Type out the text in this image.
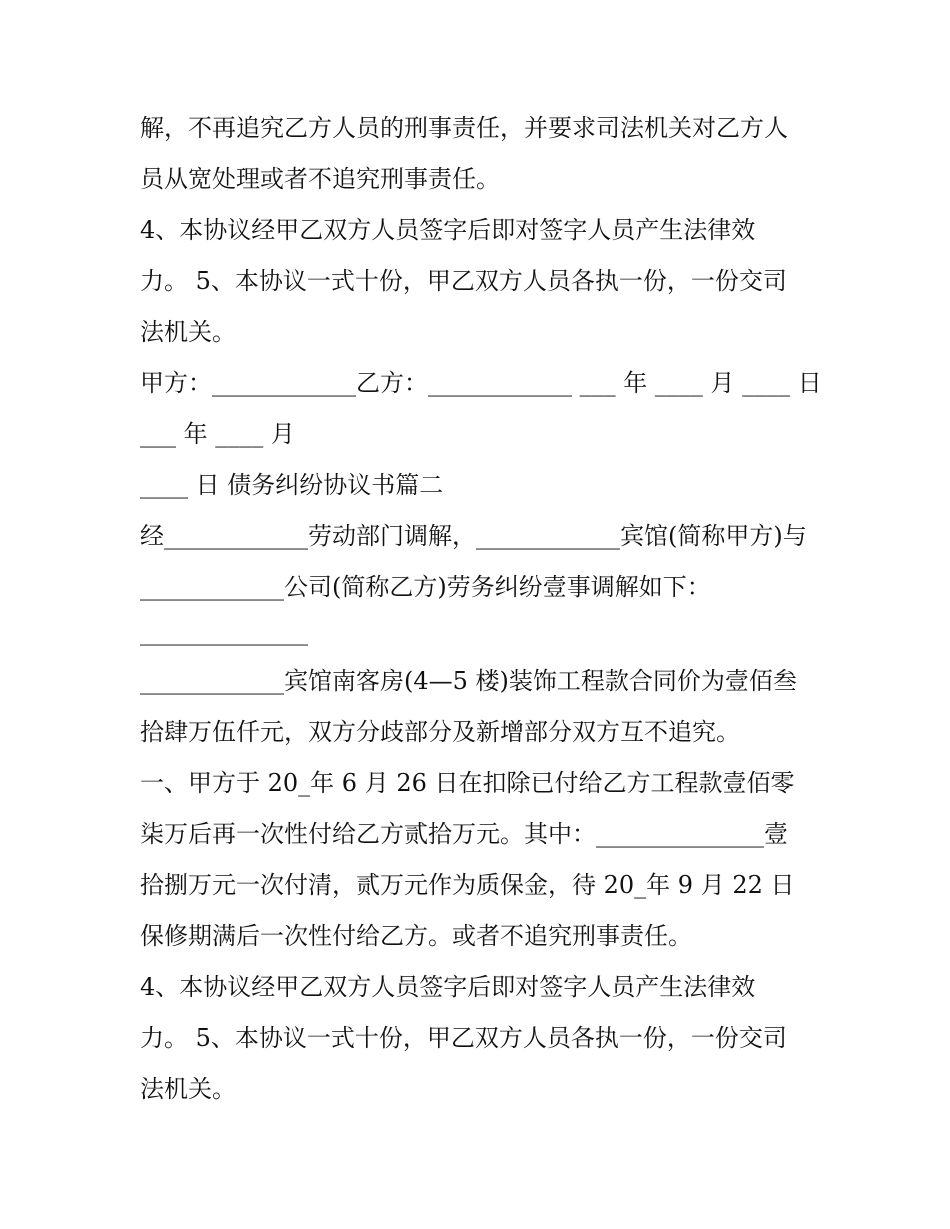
解，不再追究乙方人员的刑事责任，并要求司法机关对乙方人
员从宽处理或者不追究刑事责任。
4、本协议经甲乙双方人员签字后即对签字人员产生法律效
力。 5、本协议一式十份，甲乙双方人员各执一份，一份交司
法机关。
甲方：____________乙方：____________ ___ 年 ____ 月 ____ 日
___ 年 ____ 月
____ 日 债务纠纷协议书篇二
经____________劳动部门调解，____________宾馆(简称甲方)与
____________公司(简称乙方)劳务纠纷壹事调解如下：
______________
____________宾馆南客房(4—5 楼)装饰工程款合同价为壹佰叁
拾肆万伍仟元，双方分歧部分及新增部分双方互不追究。
一、甲方于 20_年 6 月 26 日在扣除已付给乙方工程款壹佰零
柒万后再一次性付给乙方贰拾万元。其中：______________壹
拾捌万元一次付清，贰万元作为质保金，待 20_年 9 月 22 日
保修期满后一次性付给乙方。或者不追究刑事责任。
4、本协议经甲乙双方人员签字后即对签字人员产生法律效
力。 5、本协议一式十份，甲乙双方人员各执一份，一份交司
法机关。
